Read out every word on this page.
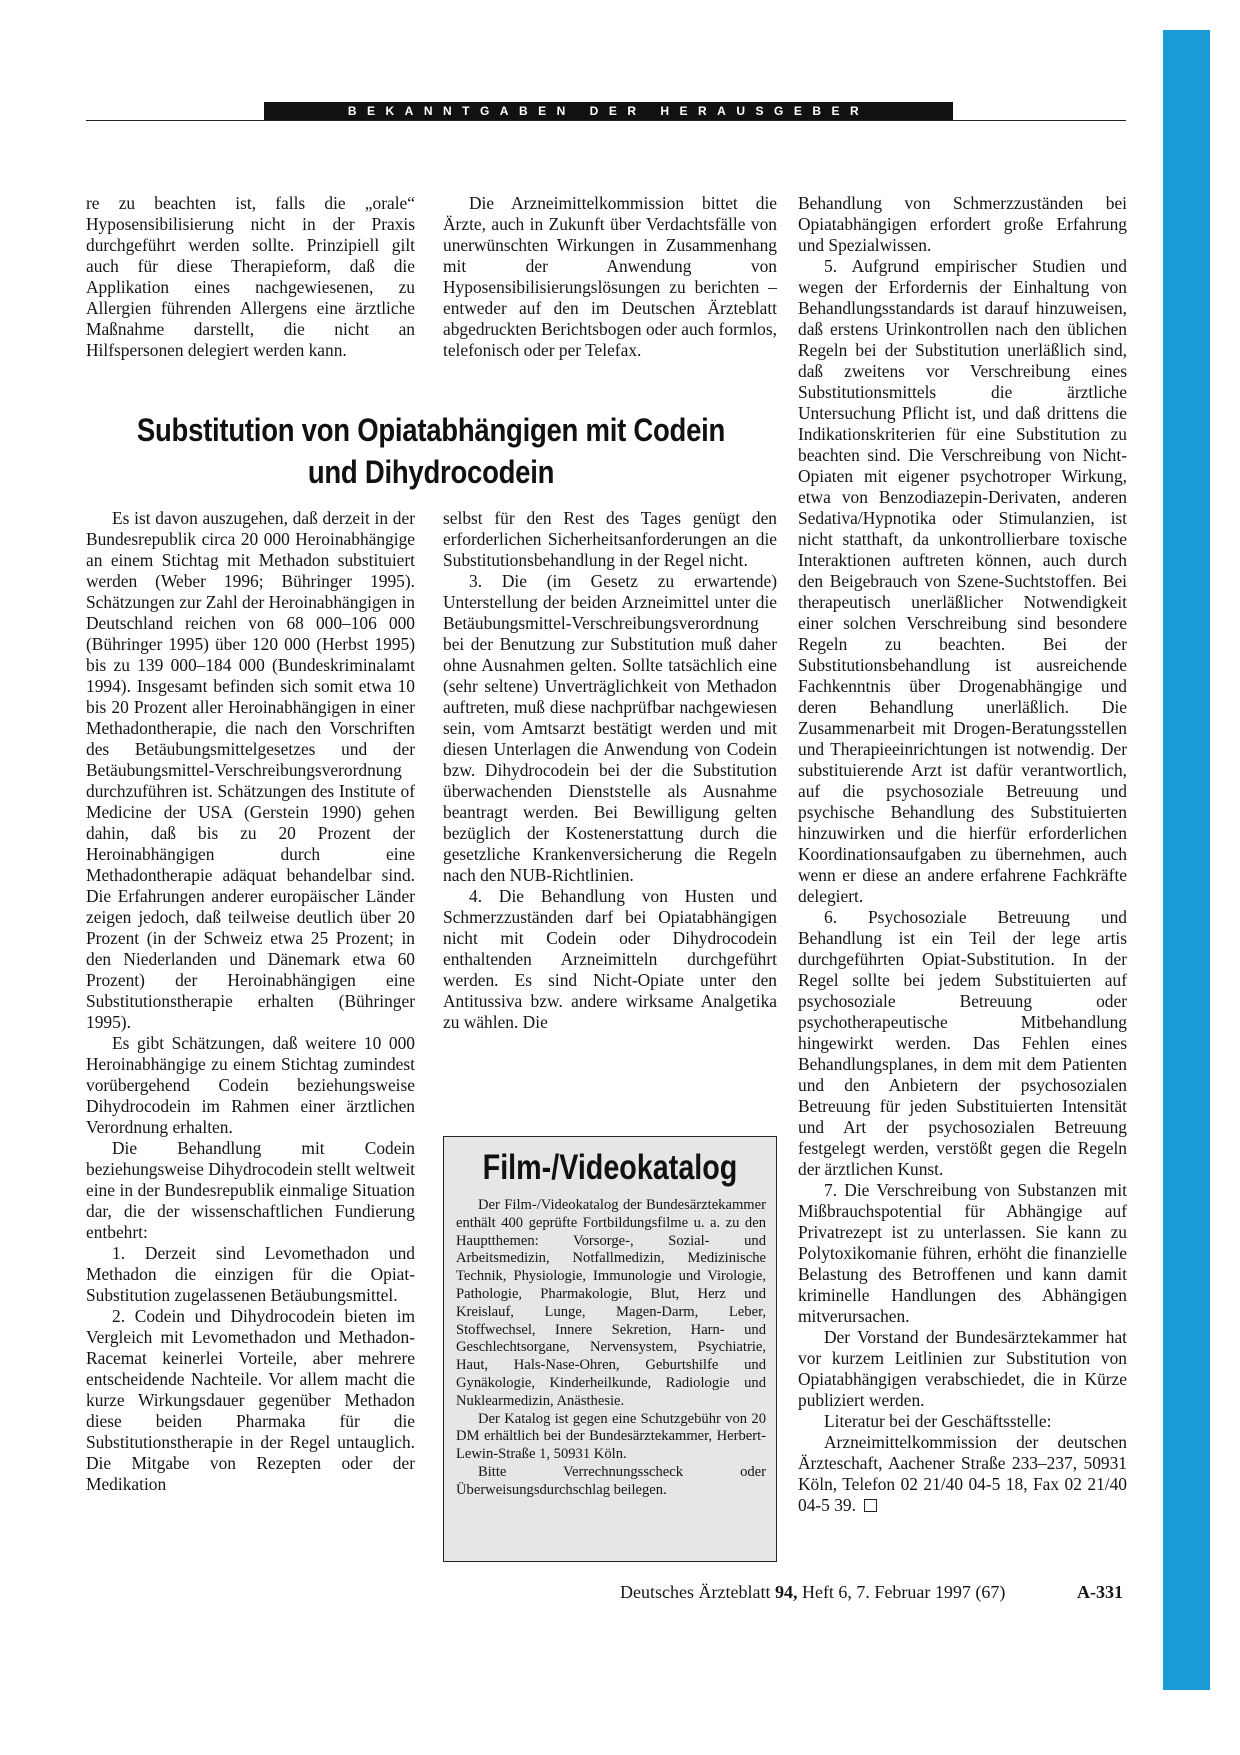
BEKANNTGABEN DER HERAUSGEBER

re zu beachten ist, falls die „orale“ Hyposensibilisierung nicht in der Praxis durchgeführt werden sollte. Prinzipiell gilt auch für diese Therapieform, daß die Applikation eines nachgewiesenen, zu Allergien führenden Allergens eine ärztliche Maßnahme darstellt, die nicht an Hilfspersonen delegiert werden kann.

Die Arzneimittelkommission bittet die Ärzte, auch in Zukunft über Verdachtsfälle von unerwünschten Wirkungen in Zusammenhang mit der Anwendung von Hyposensibilisierungslösungen zu berichten – entweder auf den im Deutschen Ärzteblatt abgedruckten Berichtsbogen oder auch formlos, telefonisch oder per Telefax.

Substitution von Opiatabhängigen mit Codein
und Dihydrocodein

Es ist davon auszugehen, daß derzeit in der Bundesrepublik circa 20 000 Heroinabhängige an einem Stichtag mit Methadon substituiert werden (Weber 1996; Bühringer 1995). Schätzungen zur Zahl der Heroinabhängigen in Deutschland reichen von 68 000–106 000 (Bühringer 1995) über 120 000 (Herbst 1995) bis zu 139 000–184 000 (Bundeskriminalamt 1994). Insgesamt befinden sich somit etwa 10 bis 20 Prozent aller Heroinabhängigen in einer Methadontherapie, die nach den Vorschriften des Betäubungsmittelgesetzes und der Betäubungsmittel-Verschreibungsverordnung durchzuführen ist. Schätzungen des Institute of Medicine der USA (Gerstein 1990) gehen dahin, daß bis zu 20 Prozent der Heroinabhängigen durch eine Methadontherapie adäquat behandelbar sind. Die Erfahrungen anderer europäischer Länder zeigen jedoch, daß teilweise deutlich über 20 Prozent (in der Schweiz etwa 25 Prozent; in den Niederlanden und Dänemark etwa 60 Prozent) der Heroinabhängigen eine Substitutionstherapie erhalten (Bühringer 1995).

Es gibt Schätzungen, daß weitere 10 000 Heroinabhängige zu einem Stichtag zumindest vorübergehend Codein beziehungsweise Dihydrocodein im Rahmen einer ärztlichen Verordnung erhalten.

Die Behandlung mit Codein beziehungsweise Dihydrocodein stellt weltweit eine in der Bundesrepublik einmalige Situation dar, die der wissenschaftlichen Fundierung entbehrt:

1. Derzeit sind Levomethadon und Methadon die einzigen für die Opiat-Substitution zugelassenen Betäubungsmittel.

2. Codein und Dihydrocodein bieten im Vergleich mit Levomethadon und Methadon-Racemat keinerlei Vorteile, aber mehrere entscheidende Nachteile. Vor allem macht die kurze Wirkungsdauer gegenüber Methadon diese beiden Pharmaka für die Substitutionstherapie in der Regel untauglich. Die Mitgabe von Rezepten oder der Medikation

selbst für den Rest des Tages genügt den erforderlichen Sicherheitsanforderungen an die Substitutionsbehandlung in der Regel nicht.

3. Die (im Gesetz zu erwartende) Unterstellung der beiden Arzneimittel unter die Betäubungsmittel-Verschreibungsverordnung bei der Benutzung zur Substitution muß daher ohne Ausnahmen gelten. Sollte tatsächlich eine (sehr seltene) Unverträglichkeit von Methadon auftreten, muß diese nachprüfbar nachgewiesen sein, vom Amtsarzt bestätigt werden und mit diesen Unterlagen die Anwendung von Codein bzw. Dihydrocodein bei der die Substitution überwachenden Dienststelle als Ausnahme beantragt werden. Bei Bewilligung gelten bezüglich der Kostenerstattung durch die gesetzliche Krankenversicherung die Regeln nach den NUB-Richtlinien.

4. Die Behandlung von Husten und Schmerzzuständen darf bei Opiatabhängigen nicht mit Codein oder Dihydrocodein enthaltenden Arzneimitteln durchgeführt werden. Es sind Nicht-Opiate unter den Antitussiva bzw. andere wirksame Analgetika zu wählen. Die

Behandlung von Schmerzzuständen bei Opiatabhängigen erfordert große Erfahrung und Spezialwissen.

5. Aufgrund empirischer Studien und wegen der Erfordernis der Einhaltung von Behandlungsstandards ist darauf hinzuweisen, daß erstens Urinkontrollen nach den üblichen Regeln bei der Substitution unerläßlich sind, daß zweitens vor Verschreibung eines Substitutionsmittels die ärztliche Untersuchung Pflicht ist, und daß drittens die Indikationskriterien für eine Substitution zu beachten sind. Die Verschreibung von Nicht-Opiaten mit eigener psychotroper Wirkung, etwa von Benzodiazepin-Derivaten, anderen Sedativa/Hypnotika oder Stimulanzien, ist nicht statthaft, da unkontrollierbare toxische Interaktionen auftreten können, auch durch den Beigebrauch von Szene-Suchtstoffen. Bei therapeutisch unerläßlicher Notwendigkeit einer solchen Verschreibung sind besondere Regeln zu beachten. Bei der Substitutionsbehandlung ist ausreichende Fachkenntnis über Drogenabhängige und deren Behandlung unerläßlich. Die Zusammenarbeit mit Drogen-Beratungsstellen und Therapieeinrichtungen ist notwendig. Der substituierende Arzt ist dafür verantwortlich, auf die psychosoziale Betreuung und psychische Behandlung des Substituierten hinzuwirken und die hierfür erforderlichen Koordinationsaufgaben zu übernehmen, auch wenn er diese an andere erfahrene Fachkräfte delegiert.

6. Psychosoziale Betreuung und Behandlung ist ein Teil der lege artis durchgeführten Opiat-Substitution. In der Regel sollte bei jedem Substituierten auf psychosoziale Betreuung oder psychotherapeutische Mitbehandlung hingewirkt werden. Das Fehlen eines Behandlungsplanes, in dem mit dem Patienten und den Anbietern der psychosozialen Betreuung für jeden Substituierten Intensität und Art der psychosozialen Betreuung festgelegt werden, verstößt gegen die Regeln der ärztlichen Kunst.

7. Die Verschreibung von Substanzen mit Mißbrauchspotential für Abhängige auf Privatrezept ist zu unterlassen. Sie kann zu Polytoxikomanie führen, erhöht die finanzielle Belastung des Betroffenen und kann damit kriminelle Handlungen des Abhängigen mitverursachen.

Der Vorstand der Bundesärztekammer hat vor kurzem Leitlinien zur Substitution von Opiatabhängigen verabschiedet, die in Kürze publiziert werden.

Literatur bei der Geschäftsstelle:

Arzneimittelkommission der deutschen Ärzteschaft, Aachener Straße 233–237, 50931 Köln, Telefon 02 21/40 04-5 18, Fax 02 21/40 04-5 39.

Film-/Videokatalog

Der Film-/Videokatalog der Bundesärztekammer enthält 400 geprüfte Fortbildungsfilme u. a. zu den Hauptthemen: Vorsorge-, Sozial- und Arbeitsmedizin, Notfallmedizin, Medizinische Technik, Physiologie, Immunologie und Virologie, Pathologie, Pharmakologie, Blut, Herz und Kreislauf, Lunge, Magen-Darm, Leber, Stoffwechsel, Innere Sekretion, Harn- und Geschlechtsorgane, Nervensystem, Psychiatrie, Haut, Hals-Nase-Ohren, Geburtshilfe und Gynäkologie, Kinderheilkunde, Radiologie und Nuklearmedizin, Anästhesie.

Der Katalog ist gegen eine Schutzgebühr von 20 DM erhältlich bei der Bundesärztekammer, Herbert-Lewin-Straße 1, 50931 Köln.

Bitte Verrechnungsscheck oder Überweisungsdurchschlag beilegen.

Deutsches Ärzteblatt 94, Heft 6, 7. Februar 1997 (67)	A-331
